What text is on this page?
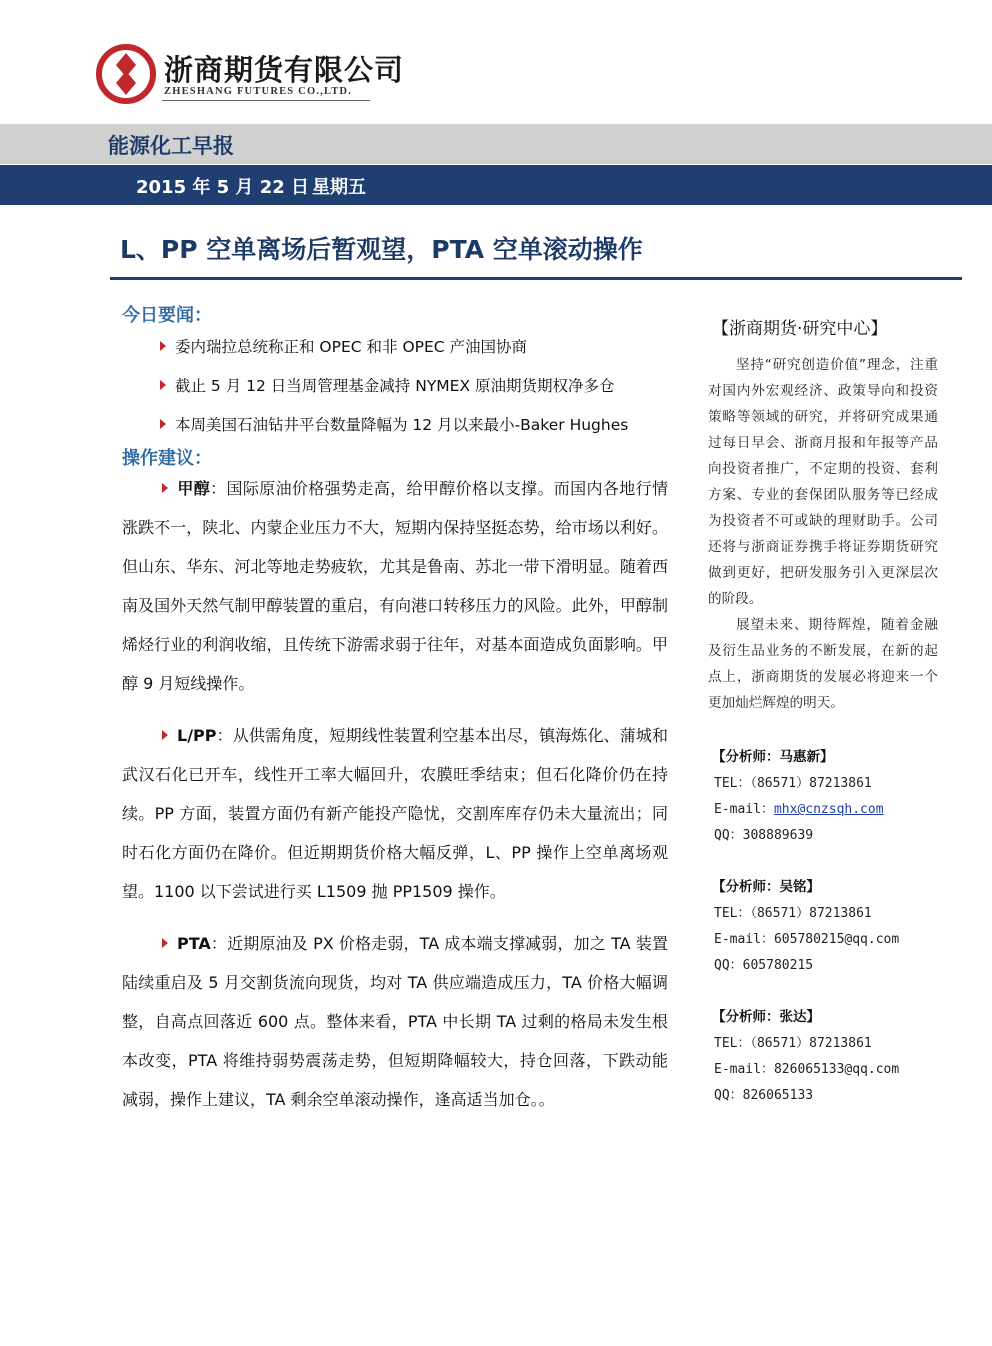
浙商期货有限公司
ZHESHANG FUTURES CO.,LTD.
能源化工早报
2015 年 5 月 22 日 星期五
L、PP 空单离场后暂观望，PTA 空单滚动操作
今日要闻：
委内瑞拉总统称正和 OPEC 和非 OPEC 产油国协商
截止 5 月 12 日当周管理基金减持 NYMEX 原油期货期权净多仓
本周美国石油钻井平台数量降幅为 12 月以来最小-Baker Hughes
操作建议：
甲醇：国际原油价格强势走高，给甲醇价格以支撑。而国内各地行情涨跌不一，陕北、内蒙企业压力不大，短期内保持坚挺态势，给市场以利好。但山东、华东、河北等地走势疲软，尤其是鲁南、苏北一带下滑明显。随着西南及国外天然气制甲醇装置的重启，有向港口转移压力的风险。此外，甲醇制烯烃行业的利润收缩，且传统下游需求弱于往年，对基本面造成负面影响。甲醇 9 月短线操作。
L/PP：从供需角度，短期线性装置利空基本出尽，镇海炼化、蒲城和武汉石化已开车，线性开工率大幅回升，农膜旺季结束；但石化降价仍在持续。PP 方面，装置方面仍有新产能投产隐忧，交割库库存仍未大量流出；同时石化方面仍在降价。但近期期货价格大幅反弹，L、PP 操作上空单离场观望。1100 以下尝试进行买 L1509 抛 PP1509 操作。
PTA：近期原油及 PX 价格走弱，TA 成本端支撑减弱，加之 TA 装置陆续重启及 5 月交割货流向现货，均对 TA 供应端造成压力，TA 价格大幅调整，自高点回落近 600 点。整体来看，PTA 中长期 TA 过剩的格局未发生根本改变，PTA 将维持弱势震荡走势，但短期降幅较大，持仓回落，下跌动能减弱，操作上建议，TA 剩余空单滚动操作，逢高适当加仓。。
【浙商期货·研究中心】
坚持“研究创造价值”理念，注重对国内外宏观经济、政策导向和投资策略等领域的研究，并将研究成果通过每日早会、浙商月报和年报等产品向投资者推广，不定期的投资、套利方案、专业的套保团队服务等已经成为投资者不可或缺的理财助手。公司还将与浙商证券携手将证券期货研究做到更好，把研发服务引入更深层次的阶段。
展望未来、期待辉煌，随着金融及衍生品业务的不断发展，在新的起点上，浙商期货的发展必将迎来一个更加灿烂辉煌的明天。
【分析师：马惠新】
TEL：（86571）87213861
E-mail：mhx@cnzsqh.com
QQ：308889639
【分析师：吴铭】
TEL：（86571）87213861
E-mail：605780215@qq.com
QQ：605780215
【分析师：张达】
TEL：（86571）87213861
E-mail：826065133@qq.com
QQ：826065133
